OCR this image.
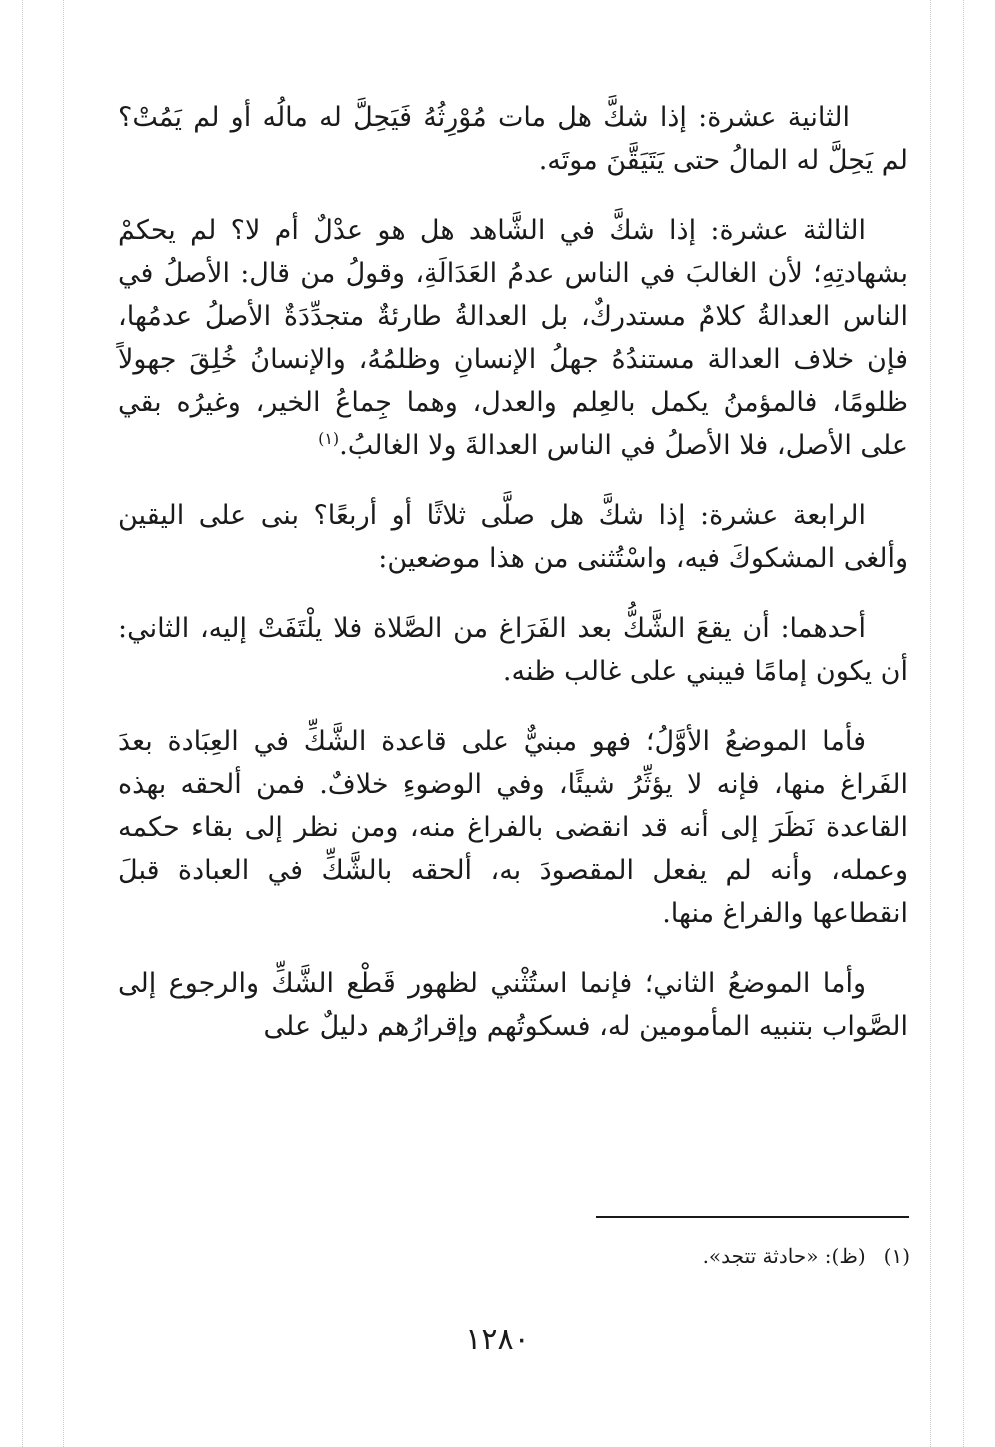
الثانية عشرة: إذا شكَّ هل مات مُوْرِثُهُ فَيَحِلَّ له مالُه أو لم يَمُتْ؟ لم يَحِلَّ له المالُ حتى يَتَيَقَّنَ موتَه.

الثالثة عشرة: إذا شكَّ في الشَّاهد هل هو عدْلٌ أم لا؟ لم يحكمْ بشهادتِهِ؛ لأن الغالبَ في الناس عدمُ العَدَالَةِ، وقولُ من قال: الأصلُ في الناس العدالةُ كلامٌ مستدركٌ، بل العدالةُ طارئةٌ متجدِّدَةٌ الأصلُ عدمُها، فإن خلاف العدالة مستندُهُ جهلُ الإنسانِ وظلمُهُ، والإنسانُ خُلِقَ جهولاً ظلومًا، فالمؤمنُ يكمل بالعِلم والعدل، وهما جِماعُ الخير، وغيرُه بقي على الأصل، فلا الأصلُ في الناس العدالةَ ولا الغالبُ.$^{(١)}$

الرابعة عشرة: إذا شكَّ هل صلَّى ثلاثًا أو أربعًا؟ بنى على اليقين وألغى المشكوكَ فيه، واسْتُثنى من هذا موضعين:

أحدهما: أن يقعَ الشَّكُّ بعد الفَرَاغ من الصَّلاة فلا يلْتَفَتْ إليه، الثاني: أن يكون إمامًا فيبني على غالب ظنه.

فأما الموضعُ الأوَّلُ؛ فهو مبنيٌّ على قاعدة الشَّكِّ في العِبَادة بعدَ الفَراغ منها، فإنه لا يؤثِّرُ شيئًا، وفي الوضوءِ خلافٌ. فمن ألحقه بهذه القاعدة نَظَرَ إلى أنه قد انقضى بالفراغ منه، ومن نظر إلى بقاء حكمه وعمله، وأنه لم يفعل المقصودَ به، ألحقه بالشَّكِّ في العبادة قبلَ انقطاعها والفراغ منها.

وأما الموضعُ الثاني؛ فإنما استُثْني لظهور قَطْع الشَّكِّ والرجوع إلى الصَّواب بتنبيه المأمومين له، فسكوتُهم وإقرارُهم دليلٌ على

(١)(ظ): «حادثة تتجد».
١٢٨٠
